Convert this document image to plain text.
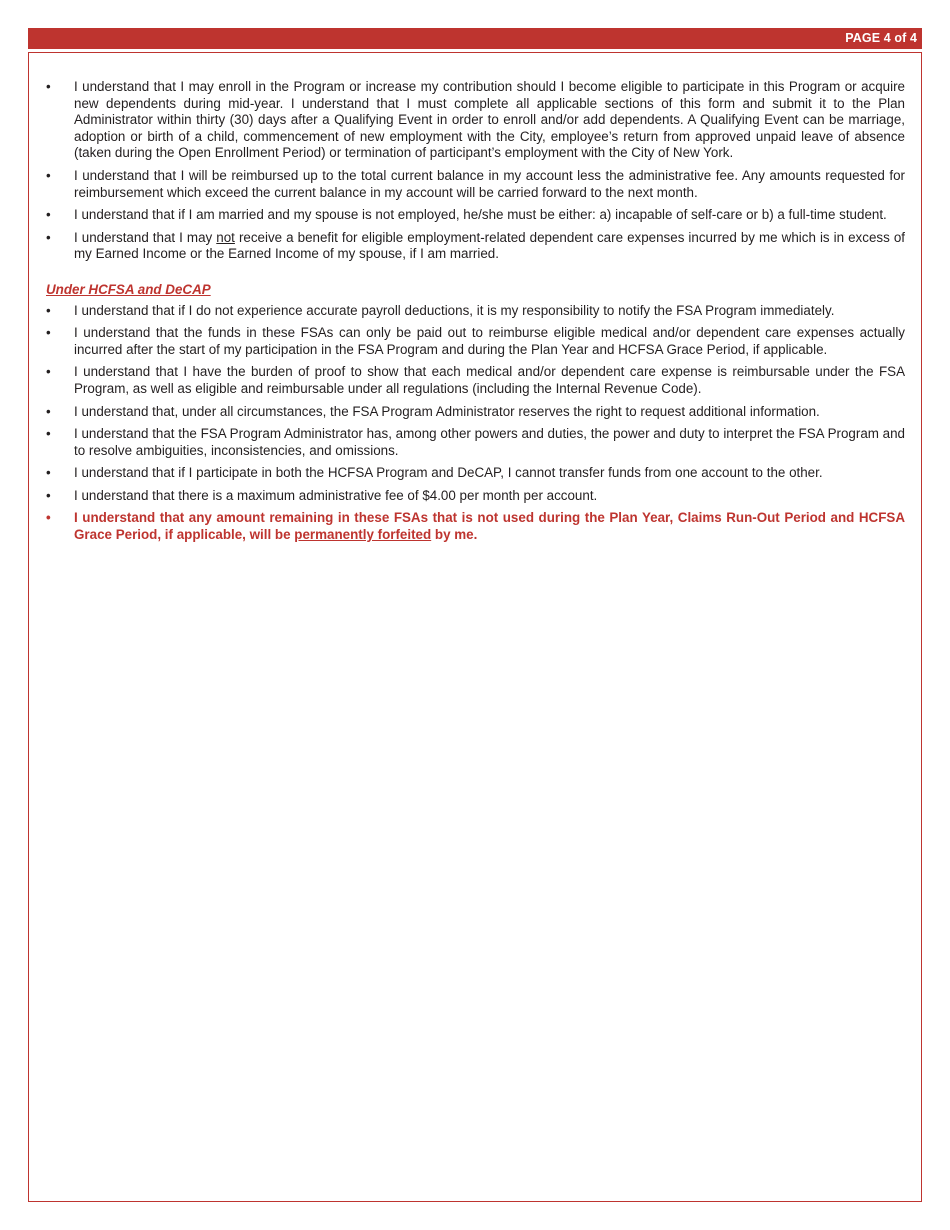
PAGE 4 of 4
•	I understand that I may enroll in the Program or increase my contribution should I become eligible to participate in this Program or acquire new dependents during mid-year. I understand that I must complete all applicable sections of this form and submit it to the Plan Administrator within thirty (30) days after a Qualifying Event in order to enroll and/or add dependents. A Qualifying Event can be marriage, adoption or birth of a child, commencement of new employment with the City, employee’s return from approved unpaid leave of absence (taken during the Open Enrollment Period) or termination of participant’s employment with the City of New York.
•	I understand that I will be reimbursed up to the total current balance in my account less the administrative fee. Any amounts requested for reimbursement which exceed the current balance in my account will be carried forward to the next month.
•	I understand that if I am married and my spouse is not employed, he/she must be either: a) incapable of self-care or b) a full-time student.
•	I understand that I may not receive a benefit for eligible employment-related dependent care expenses incurred by me which is in excess of my Earned Income or the Earned Income of my spouse, if I am married.
Under HCFSA and DeCAP
•	I understand that if I do not experience accurate payroll deductions, it is my responsibility to notify the FSA Program immediately.
•	I understand that the funds in these FSAs can only be paid out to reimburse eligible medical and/or dependent care expenses actually incurred after the start of my participation in the FSA Program and during the Plan Year and HCFSA Grace Period, if applicable.
•	I understand that I have the burden of proof to show that each medical and/or dependent care expense is reimbursable under the FSA Program, as well as eligible and reimbursable under all regulations (including the Internal Revenue Code).
•	I understand that, under all circumstances, the FSA Program Administrator reserves the right to request additional information.
•	I understand that the FSA Program Administrator has, among other powers and duties, the power and duty to interpret the FSA Program and to resolve ambiguities, inconsistencies, and omissions.
•	I understand that if I participate in both the HCFSA Program and DeCAP, I cannot transfer funds from one account to the other.
•	I understand that there is a maximum administrative fee of $4.00 per month per account.
•	I understand that any amount remaining in these FSAs that is not used during the Plan Year, Claims Run-Out Period and HCFSA Grace Period, if applicable, will be permanently forfeited by me.
